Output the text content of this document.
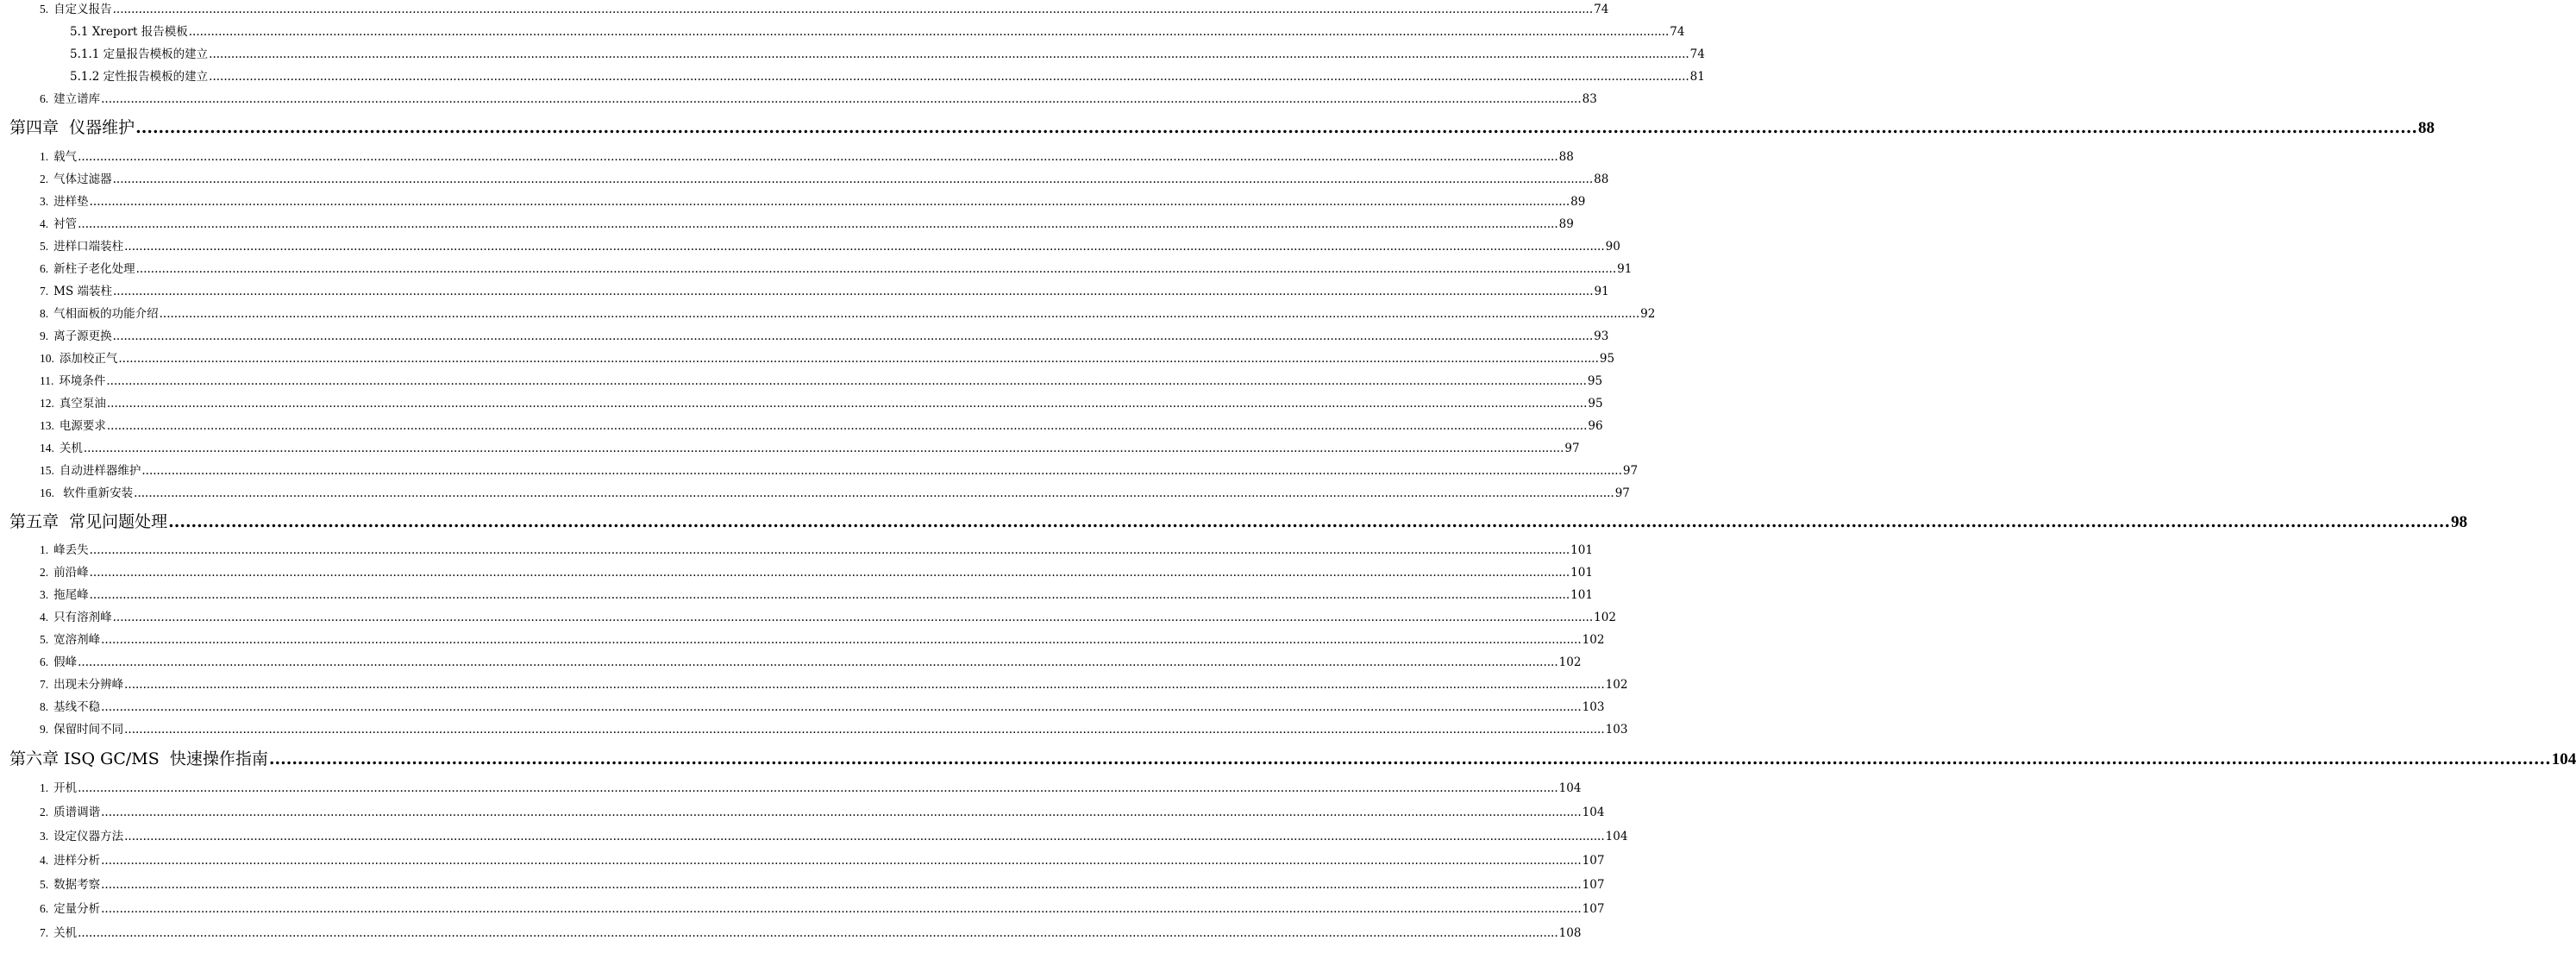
5. 自定义报告 ................................................................................................................................................................................................................................................................................................................................................................................................................ 74
5.1 Xreport 报告模板 ................................................................................................................................................................................................................................................................................................................................................................................................................ 74
5.1.1 定量报告模板的建立 ................................................................................................................................................................................................................................................................................................................................................................................................................ 74
5.1.2 定性报告模板的建立 ................................................................................................................................................................................................................................................................................................................................................................................................................ 81
6. 建立谱库 ................................................................................................................................................................................................................................................................................................................................................................................................................ 83
第四章  仪器维护 ................................................................................................................................................................................................................................................................................................................................................................................................................ 88
1. 载气 ................................................................................................................................................................................................................................................................................................................................................................................................................ 88
2. 气体过滤器 ................................................................................................................................................................................................................................................................................................................................................................................................................ 88
3. 进样垫 ................................................................................................................................................................................................................................................................................................................................................................................................................ 89
4. 衬管 ................................................................................................................................................................................................................................................................................................................................................................................................................ 89
5. 进样口端装柱 ................................................................................................................................................................................................................................................................................................................................................................................................................ 90
6. 新柱子老化处理 ................................................................................................................................................................................................................................................................................................................................................................................................................ 91
7. MS 端装柱 ................................................................................................................................................................................................................................................................................................................................................................................................................ 91
8. 气相面板的功能介绍 ................................................................................................................................................................................................................................................................................................................................................................................................................ 92
9. 离子源更换 ................................................................................................................................................................................................................................................................................................................................................................................................................ 93
10. 添加校正气 ................................................................................................................................................................................................................................................................................................................................................................................................................ 95
11. 环境条件 ................................................................................................................................................................................................................................................................................................................................................................................................................ 95
12. 真空泵油 ................................................................................................................................................................................................................................................................................................................................................................................................................ 95
13. 电源要求 ................................................................................................................................................................................................................................................................................................................................................................................................................ 96
14. 关机 ................................................................................................................................................................................................................................................................................................................................................................................................................ 97
15. 自动进样器维护 ................................................................................................................................................................................................................................................................................................................................................................................................................ 97
16. 软件重新安装 ................................................................................................................................................................................................................................................................................................................................................................................................................ 97
第五章  常见问题处理 ................................................................................................................................................................................................................................................................................................................................................................................................................ 98
1. 峰丢失 ................................................................................................................................................................................................................................................................................................................................................................................................................ 101
2. 前沿峰 ................................................................................................................................................................................................................................................................................................................................................................................................................ 101
3. 拖尾峰 ................................................................................................................................................................................................................................................................................................................................................................................................................ 101
4. 只有溶剂峰 ................................................................................................................................................................................................................................................................................................................................................................................................................ 102
5. 宽溶剂峰 ................................................................................................................................................................................................................................................................................................................................................................................................................ 102
6. 假峰 ................................................................................................................................................................................................................................................................................................................................................................................................................ 102
7. 出现未分辨峰 ................................................................................................................................................................................................................................................................................................................................................................................................................ 102
8. 基线不稳 ................................................................................................................................................................................................................................................................................................................................................................................................................ 103
9. 保留时间不同 ................................................................................................................................................................................................................................................................................................................................................................................................................ 103
第六章 ISQ GC/MS  快速操作指南 ................................................................................................................................................................................................................................................................................................................................................................................................................ 104
1. 开机 ................................................................................................................................................................................................................................................................................................................................................................................................................ 104
2. 质谱调谐 ................................................................................................................................................................................................................................................................................................................................................................................................................ 104
3. 设定仪器方法 ................................................................................................................................................................................................................................................................................................................................................................................................................ 104
4. 进样分析 ................................................................................................................................................................................................................................................................................................................................................................................................................ 107
5. 数据考察 ................................................................................................................................................................................................................................................................................................................................................................................................................ 107
6. 定量分析 ................................................................................................................................................................................................................................................................................................................................................................................................................ 107
7. 关机 ................................................................................................................................................................................................................................................................................................................................................................................................................ 108
